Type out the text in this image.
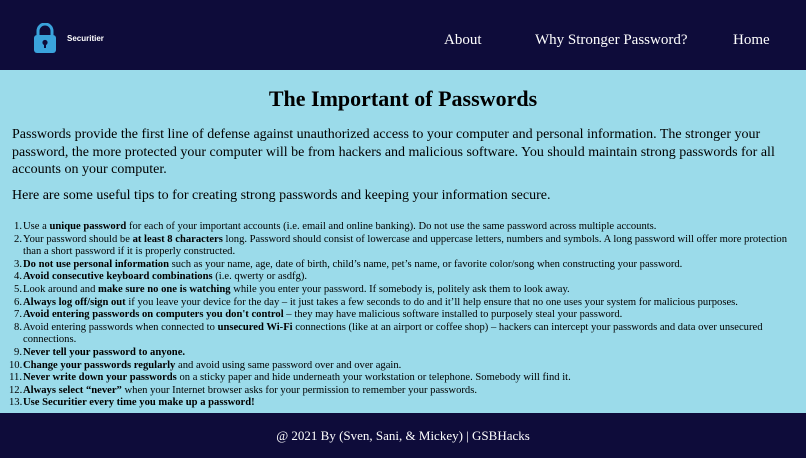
Securitier	About	Why Stronger Password?	Home
The Important of Passwords

Passwords provide the first line of defense against unauthorized access to your computer and personal information. The stronger your password, the more protected your computer will be from hackers and malicious software. You should maintain strong passwords for all accounts on your computer.

Here are some useful tips to for creating strong passwords and keeping your information secure.

1. Use a unique password for each of your important accounts (i.e. email and online banking). Do not use the same password across multiple accounts.
2. Your password should be at least 8 characters long. Password should consist of lowercase and uppercase letters, numbers and symbols. A long password will offer more protection than a short password if it is properly constructed.
3. Do not use personal information such as your name, age, date of birth, child’s name, pet’s name, or favorite color/song when constructing your password.
4. Avoid consecutive keyboard combinations (i.e. qwerty or asdfg).
5. Look around and make sure no one is watching while you enter your password. If somebody is, politely ask them to look away.
6. Always log off/sign out if you leave your device for the day – it just takes a few seconds to do and it’ll help ensure that no one uses your system for malicious purposes.
7. Avoid entering passwords on computers you don't control – they may have malicious software installed to purposely steal your password.
8. Avoid entering passwords when connected to unsecured Wi-Fi connections (like at an airport or coffee shop) – hackers can intercept your passwords and data over unsecured connections.
9. Never tell your password to anyone.
10. Change your passwords regularly and avoid using same password over and over again.
11. Never write down your passwords on a sticky paper and hide underneath your workstation or telephone. Somebody will find it.
12. Always select “never” when your Internet browser asks for your permission to remember your passwords.
13. Use Securitier every time you make up a password!
@ 2021 By (Sven, Sani, & Mickey) | GSBHacks
